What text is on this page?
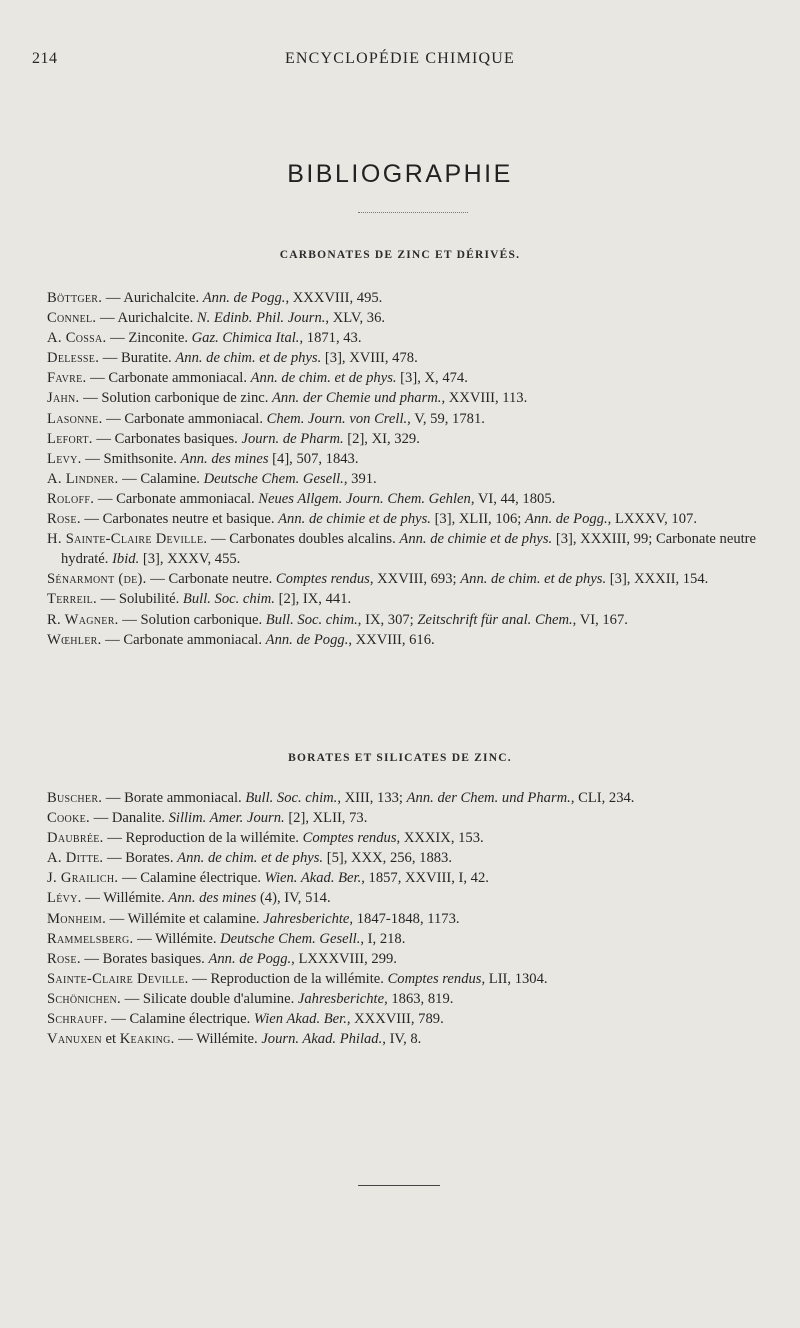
214	ENCYCLOPÉDIE CHIMIQUE
BIBLIOGRAPHIE
CARBONATES DE ZINC ET DÉRIVÉS.
Böttger. — Aurichalcite. Ann. de Pogg., XXXVIII, 495.
Connel. — Aurichalcite. N. Edinb. Phil. Journ., XLV, 36.
A. Cossa. — Zinconite. Gaz. Chimica Ital., 1871, 43.
Delesse. — Buratite. Ann. de chim. et de phys. [3], XVIII, 478.
Favre. — Carbonate ammoniacal. Ann. de chim. et de phys. [3], X, 474.
Jahn. — Solution carbonique de zinc. Ann. der Chemie und pharm., XXVIII, 113.
Lasonne. — Carbonate ammoniacal. Chem. Journ. von Crell., V, 59, 1781.
Lefort. — Carbonates basiques. Journ. de Pharm. [2], XI, 329.
Levy. — Smithsonite. Ann. des mines [4], 507, 1843.
A. Lindner. — Calamine. Deutsche Chem. Gesell., 391.
Roloff. — Carbonate ammoniacal. Neues Allgem. Journ. Chem. Gehlen, VI, 44, 1805.
Rose. — Carbonates neutre et basique. Ann. de chimie et de phys. [3], XLII, 106; Ann. de Pogg., LXXXV, 107.
H. Sainte-Claire Deville. — Carbonates doubles alcalins. Ann. de chimie et de phys. [3], XXXIII, 99; Carbonate neutre hydraté. Ibid. [3], XXXV, 455.
Sénarmont (de). — Carbonate neutre. Comptes rendus, XXVIII, 693; Ann. de chim. et de phys. [3], XXXII, 154.
Terreil. — Solubilité. Bull. Soc. chim. [2], IX, 441.
R. Wagner. — Solution carbonique. Bull. Soc. chim., IX, 307; Zeitschrift für anal. Chem., VI, 167.
Wœhler. — Carbonate ammoniacal. Ann. de Pogg., XXVIII, 616.
BORATES ET SILICATES DE ZINC.
Buscher. — Borate ammoniacal. Bull. Soc. chim., XIII, 133; Ann. der Chem. und Pharm., CLI, 234.
Cooke. — Danalite. Sillim. Amer. Journ. [2], XLII, 73.
Daubrée. — Reproduction de la willémite. Comptes rendus, XXXIX, 153.
A. Ditte. — Borates. Ann. de chim. et de phys. [5], XXX, 256, 1883.
J. Grailich. — Calamine électrique. Wien. Akad. Ber., 1857, XXVIII, I, 42.
Lévy. — Willémite. Ann. des mines (4), IV, 514.
Monheim. — Willémite et calamine. Jahresberichte, 1847-1848, 1173.
Rammelsberg. — Willémite. Deutsche Chem. Gesell., I, 218.
Rose. — Borates basiques. Ann. de Pogg., LXXXVIII, 299.
Sainte-Claire Deville. — Reproduction de la willémite. Comptes rendus, LII, 1304.
Schönichen. — Silicate double d'alumine. Jahresberichte, 1863, 819.
Schrauff. — Calamine électrique. Wien Akad. Ber., XXXVIII, 789.
Vanuxen et Keaking. — Willémite. Journ. Akad. Philad., IV, 8.
